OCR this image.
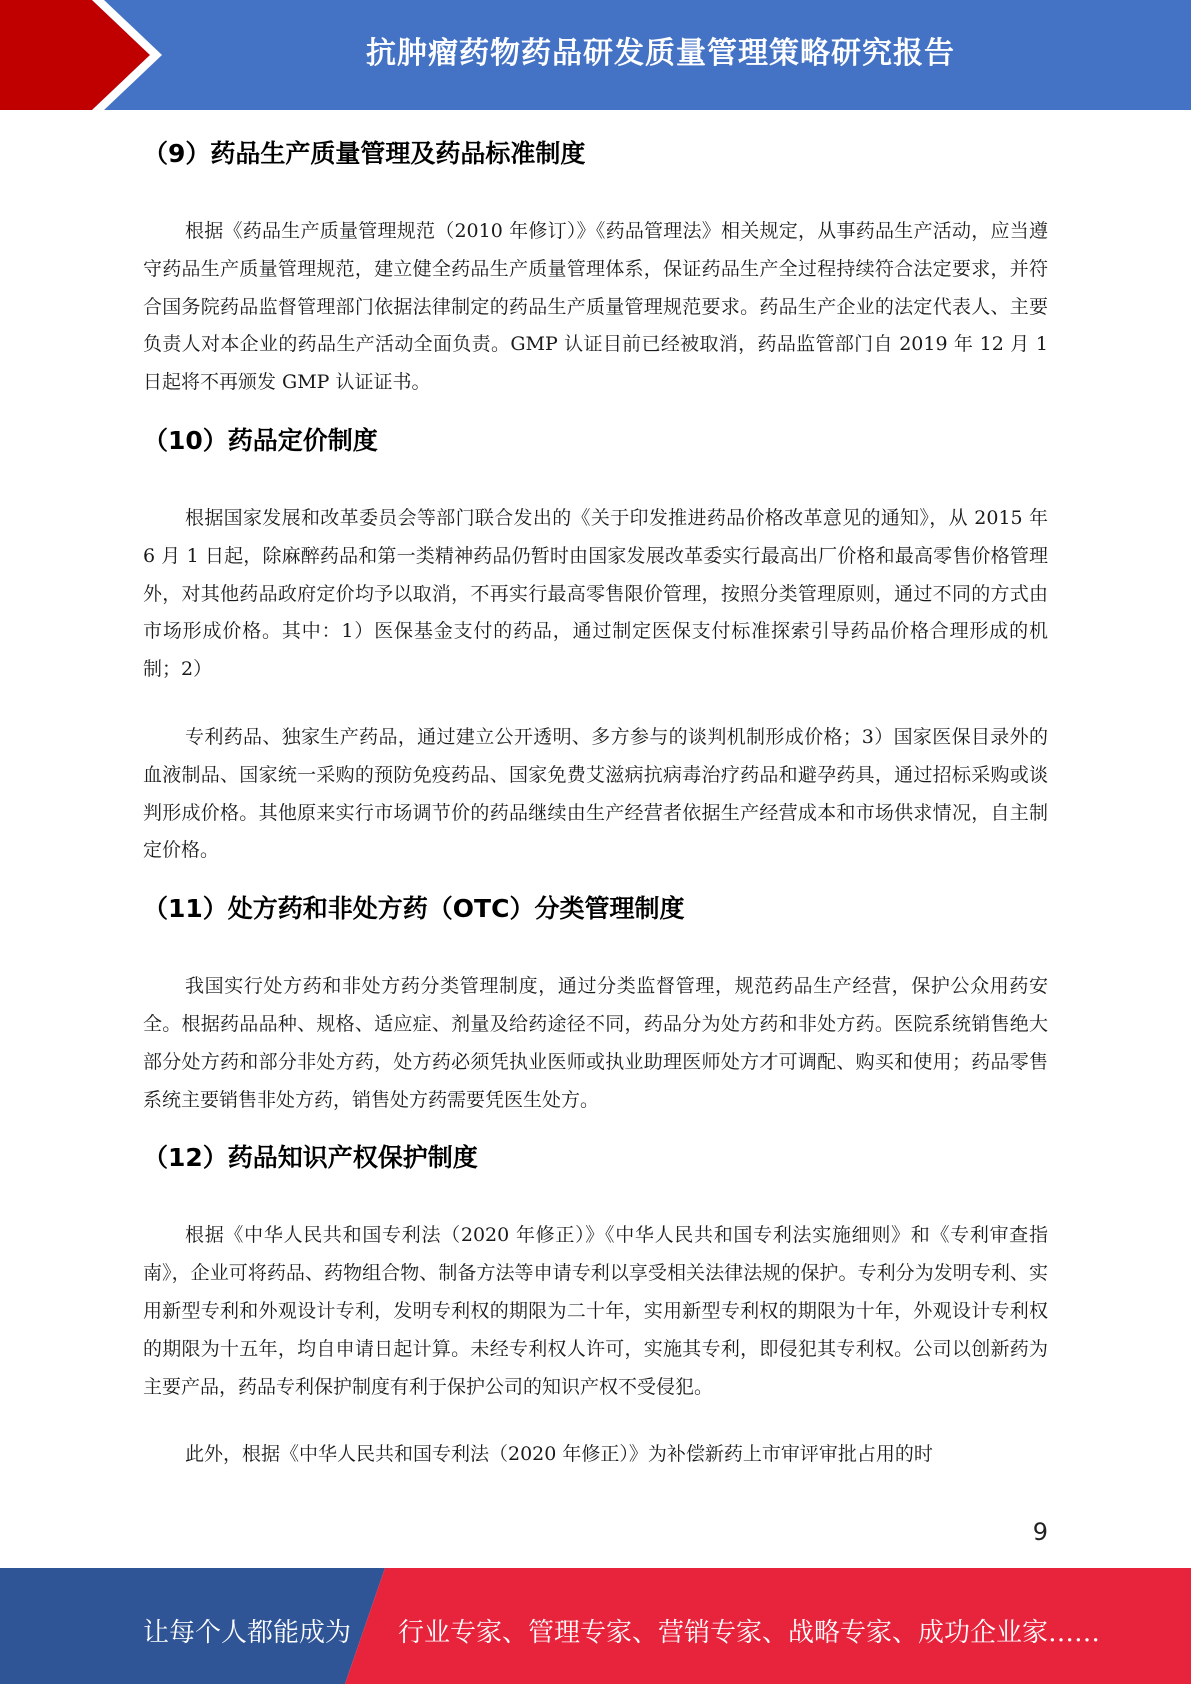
抗肿瘤药物药品研发质量管理策略研究报告
（9）药品生产质量管理及药品标准制度

根据《药品生产质量管理规范（2010 年修订）》《药品管理法》相关规定，从事药品生产活动，应当遵守药品生产质量管理规范，建立健全药品生产质量管理体系，保证药品生产全过程持续符合法定要求，并符合国务院药品监督管理部门依据法律制定的药品生产质量管理规范要求。药品生产企业的法定代表人、主要负责人对本企业的药品生产活动全面负责。GMP 认证目前已经被取消，药品监管部门自 2019 年 12 月 1 日起将不再颁发 GMP 认证证书。

（10）药品定价制度

根据国家发展和改革委员会等部门联合发出的《关于印发推进药品价格改革意见的通知》，从 2015 年 6 月 1 日起，除麻醉药品和第一类精神药品仍暂时由国家发展改革委实行最高出厂价格和最高零售价格管理外，对其他药品政府定价均予以取消，不再实行最高零售限价管理，按照分类管理原则，通过不同的方式由市场形成价格。其中：1）医保基金支付的药品，通过制定医保支付标准探索引导药品价格合理形成的机制；2）

专利药品、独家生产药品，通过建立公开透明、多方参与的谈判机制形成价格；3）国家医保目录外的血液制品、国家统一采购的预防免疫药品、国家免费艾滋病抗病毒治疗药品和避孕药具，通过招标采购或谈判形成价格。其他原来实行市场调节价的药品继续由生产经营者依据生产经营成本和市场供求情况，自主制定价格。

（11）处方药和非处方药（OTC）分类管理制度

我国实行处方药和非处方药分类管理制度，通过分类监督管理，规范药品生产经营，保护公众用药安全。根据药品品种、规格、适应症、剂量及给药途径不同，药品分为处方药和非处方药。医院系统销售绝大部分处方药和部分非处方药，处方药必须凭执业医师或执业助理医师处方才可调配、购买和使用；药品零售系统主要销售非处方药，销售处方药需要凭医生处方。

（12）药品知识产权保护制度

根据《中华人民共和国专利法（2020 年修正）》《中华人民共和国专利法实施细则》和《专利审查指南》，企业可将药品、药物组合物、制备方法等申请专利以享受相关法律法规的保护。专利分为发明专利、实用新型专利和外观设计专利，发明专利权的期限为二十年，实用新型专利权的期限为十年，外观设计专利权的期限为十五年，均自申请日起计算。未经专利权人许可，实施其专利，即侵犯其专利权。公司以创新药为主要产品，药品专利保护制度有利于保护公司的知识产权不受侵犯。

此外，根据《中华人民共和国专利法（2020 年修正）》为补偿新药上市审评审批占用的时

9
让每个人都能成为 行业专家、管理专家、营销专家、战略专家、成功企业家……
